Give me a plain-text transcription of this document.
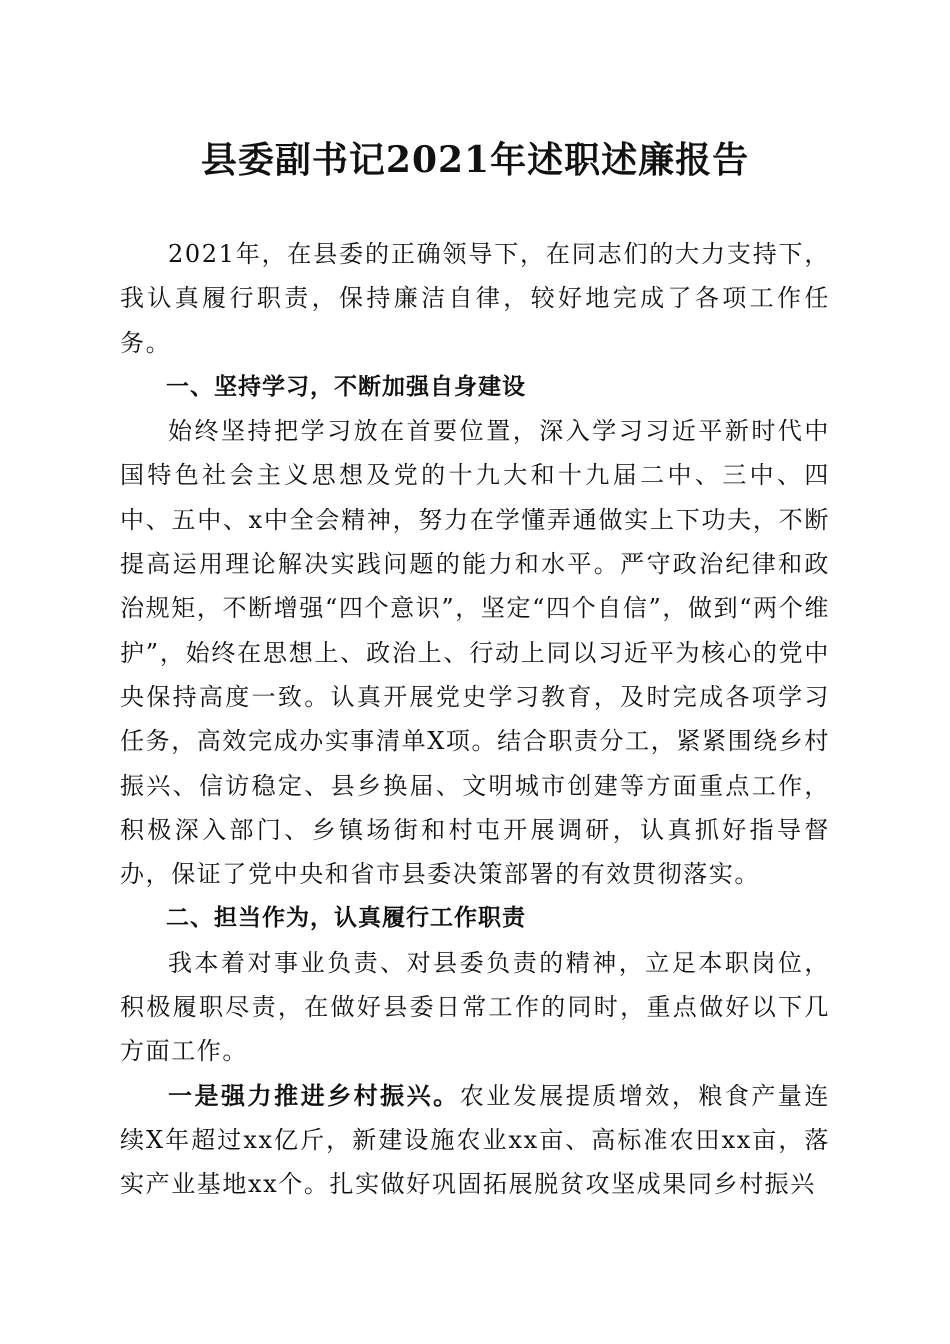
县委副书记2021年述职述廉报告

2021年，在县委的正确领导下，在同志们的大力支持下，我认真履行职责，保持廉洁自律，较好地完成了各项工作任务。

一、坚持学习，不断加强自身建设

始终坚持把学习放在首要位置，深入学习习近平新时代中国特色社会主义思想及党的十九大和十九届二中、三中、四中、五中、x中全会精神，努力在学懂弄通做实上下功夫，不断提高运用理论解决实践问题的能力和水平。严守政治纪律和政治规矩，不断增强“四个意识”，坚定“四个自信”，做到“两个维护”，始终在思想上、政治上、行动上同以习近平为核心的党中央保持高度一致。认真开展党史学习教育，及时完成各项学习任务，高效完成办实事清单X项。结合职责分工，紧紧围绕乡村振兴、信访稳定、县乡换届、文明城市创建等方面重点工作，积极深入部门、乡镇场街和村屯开展调研，认真抓好指导督办，保证了党中央和省市县委决策部署的有效贯彻落实。

二、担当作为，认真履行工作职责

我本着对事业负责、对县委负责的精神，立足本职岗位，积极履职尽责，在做好县委日常工作的同时，重点做好以下几方面工作。

一是强力推进乡村振兴。农业发展提质增效，粮食产量连续X年超过xx亿斤，新建设施农业xx亩、高标准农田xx亩，落实产业基地xx个。扎实做好巩固拓展脱贫攻坚成果同乡村振兴
